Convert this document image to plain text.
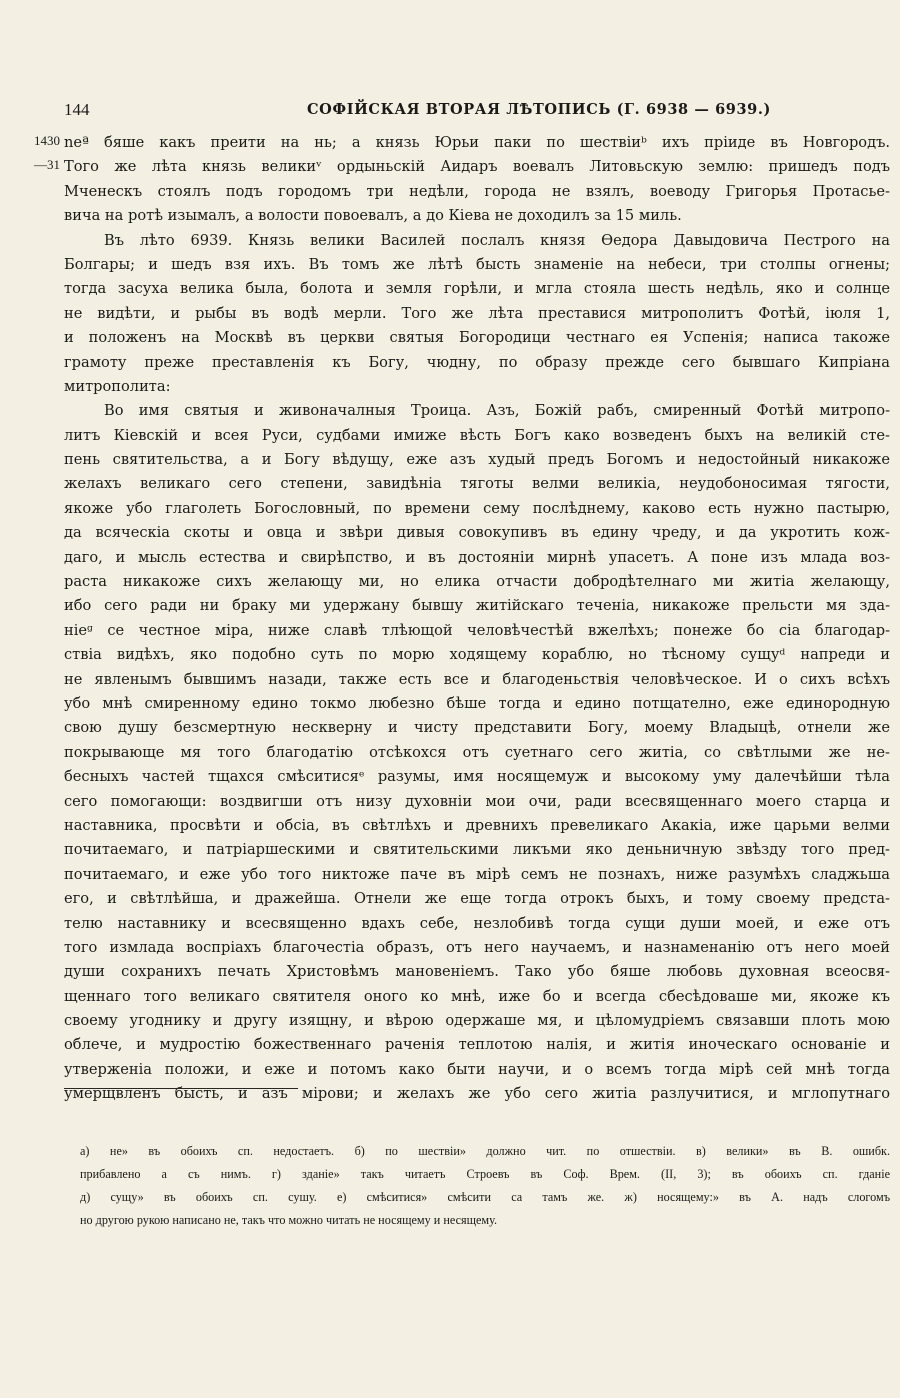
144	СОФІЙСКАЯ ВТОРАЯ ЛѢТОПИСЬ (Г. 6938 — 6939.)
1430
—31
neª бяше какъ преити на нь; а князь Юрьи паки по шествіиᵇ ихъ пріиде въ Новгородъ.
Того же лѣта князь великиᵛ ордыньскій Аидаръ воевалъ Литовьскую землю: пришедъ подъ
Мченескъ стоялъ подъ городомъ три недѣли, города не взялъ, воеводу Григорья Протасье-
вича на ротѣ изымалъ, а волости повоевалъ, а до Кіева не доходилъ за 15 миль.
Въ лѣто 6939. Князь велики Василей послалъ князя Ѳедора Давыдовича Пестрого на
Болгары; и шедъ взя ихъ. Въ томъ же лѣтѣ бысть знаменіе на небеси, три столпы огнены;
тогда засуха велика была, болота и земля горѣли, и мгла стояла шесть недѣль, яко и солнце
не видѣти, и рыбы въ водѣ мерли. Того же лѣта преставися митрополитъ Фотѣй, іюля 1,
и положенъ на Москвѣ въ церкви святыя Богородици честнаго ея Успенія; написа такоже
грамоту преже преставленія къ Богу, чюдну, по образу прежде сего бывшаго Кипріана
митрополита:
Во имя святыя и живоначалныя Троица. Азъ, Божій рабъ, смиренный Фотѣй митропо-
литъ Кіевскій и всея Руси, судбами имиже вѣсть Богъ како возведенъ быхъ на великій сте-
пень святительства, а и Богу вѣдущу, еже азъ худый предъ Богомъ и недостойный никакоже
желахъ великаго сего степени, завидѣніа тяготы велми великіа, неудобоносимая тягости,
якоже убо глаголеть Богословный, по времени сему послѣднему, каково есть нужно пастырю,
да всяческіа скоты и овца и звѣри дивыя совокупивъ въ едину чреду, и да укротить кож-
даго, и мысль естества и свирѣпство, и въ достояніи мирнѣ упасетъ. А поне изъ млада воз-
раста никакоже сихъ желающу ми, но елика отчасти добродѣтелнаго ми житіа желающу,
ибо сего ради ни браку ми удержану бывшу житійскаго теченіа, никакоже прельсти мя зда-
ніеᵍ се честное міра, ниже славѣ тлѣющой человѣчестѣй вжелѣхъ; понеже бо сіа благодар-
ствіа видѣхъ, яко подобно суть по морю ходящему кораблю, но тѣсному сущуᵈ напреди и
не явленымъ бывшимъ назади, также есть все и благоденьствія человѣческое. И о сихъ всѣхъ
убо мнѣ смиренному едино токмо любезно бѣше тогда и едино потщателно, еже единородную
свою душу безсмертную несквернy и чисту представити Богу, моему Владыцѣ, отнели же
покрывающе мя того благодатію отсѣкохся отъ суетнаго сего житіа, со свѣтлыми же не-
бесныхъ частей тщахся смѣситисяᵉ разумы, имя носящемуж и высокому уму далечѣйши тѣла
сего помогающи: воздвигши отъ низу духовніи мои очи, ради всесвященнаго моего старца и
наставника, просвѣти и обсіа, въ свѣтлѣхъ и древнихъ превеликаго Акакіа, иже царьми велми
почитаемаго, и патріаршескими и святительскими ликъми яко деньничную звѣзду того пред-
почитаемаго, и еже убо того никтоже паче въ мірѣ семъ не познахъ, ниже разумѣхъ сладжьша
его, и свѣтлѣйша, и дражейша. Отнели же еще тогда отрокъ быхъ, и тому своему предста-
телю наставнику и всесвященно вдахъ себе, незлобивѣ тогда сущи души моей, и еже отъ
того измлада воспріахъ благочестіа образъ, отъ него научаемъ, и назнаменанію отъ него моей
души сохранихъ печать Христовѣмъ мановеніемъ. Тако убо бяше любовь духовная всеосвя-
щеннаго того великаго святителя оного ко мнѣ, иже бо и всегда сбесѣдоваше ми, якоже къ
своему угоднику и другу изящну, и вѣрою одержаше мя, и цѣломудріемъ связавши плоть мою
облече, и мудростію божественнаго раченія теплотою налія, и житія иноческаго основаніе и
утверженіа положи, и еже и потомъ како быти научи, и о всемъ тогда мірѣ сей мнѣ тогда
умерщвленъ бысть, и азъ мірови; и желахъ же убо сего житіа разлучитися, и мглопутнаго
а) не» въ обоихъ сп. недостаетъ. б) по шествіи» должно чит. по отшествіи. в) велики» въ В. ошибк.
прибавлено а съ нимъ. г) зданіе» такъ читаетъ Строевъ въ Соф. Врем. (II, 3); въ обоихъ сп. гданіе
д) сущу» въ обоихъ сп. сушу. е) смѣситися» смѣсити са тамъ же. ж) носящему:» въ А. надъ слогомъ
но другою рукою написано не, такъ что можно читать не носящему и несящему.
